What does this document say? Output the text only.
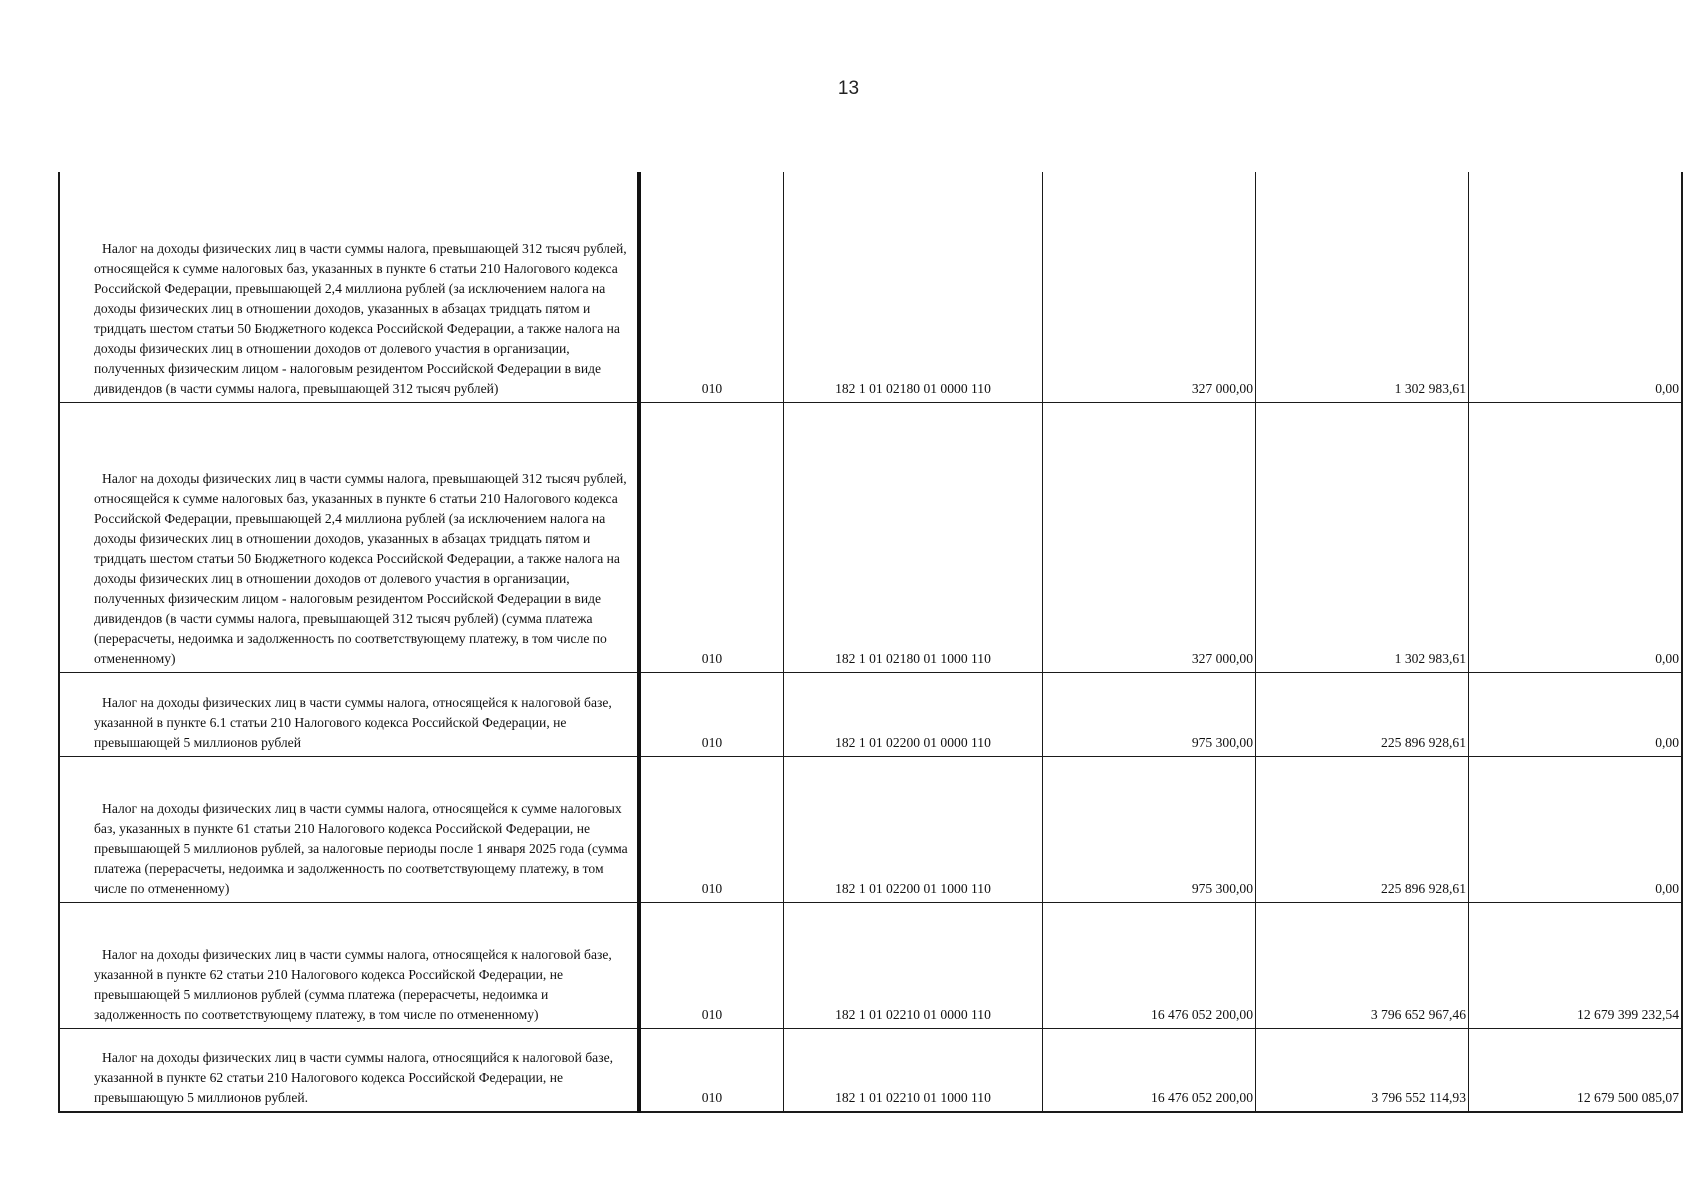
13
Налог на доходы физических лиц в части суммы налога, превышающей 312 тысяч рублей, относящейся к сумме налоговых баз, указанных в пункте 6 статьи 210 Налогового кодекса Российской Федерации, превышающей 2,4 миллиона рублей (за исключением налога на доходы физических лиц в отношении доходов, указанных в абзацах тридцать пятом и тридцать шестом статьи 50 Бюджетного кодекса Российской Федерации, а также налога на доходы физических лиц в отношении доходов от долевого участия в организации, полученных физическим лицом - налоговым резидентом Российской Федерации в виде дивидендов (в части суммы налога, превышающей 312 тысяч рублей)	010	182 1 01 02180 01 0000 110	327 000,00	1 302 983,61	0,00
Налог на доходы физических лиц в части суммы налога, превышающей 312 тысяч рублей, относящейся к сумме налоговых баз, указанных в пункте 6 статьи 210 Налогового кодекса Российской Федерации, превышающей 2,4 миллиона рублей (за исключением налога на доходы физических лиц в отношении доходов, указанных в абзацах тридцать пятом и тридцать шестом статьи 50 Бюджетного кодекса Российской Федерации, а также налога на доходы физических лиц в отношении доходов от долевого участия в организации, полученных физическим лицом - налоговым резидентом Российской Федерации в виде дивидендов (в части суммы налога, превышающей 312 тысяч рублей) (сумма платежа (перерасчеты, недоимка и задолженность по соответствующему платежу, в том числе по отмененному)	010	182 1 01 02180 01 1000 110	327 000,00	1 302 983,61	0,00
Налог на доходы физических лиц в части суммы налога, относящейся к налоговой базе, указанной в пункте 6.1 статьи 210 Налогового кодекса Российской Федерации, не превышающей 5 миллионов рублей	010	182 1 01 02200 01 0000 110	975 300,00	225 896 928,61	0,00
Налог на доходы физических лиц в части суммы налога, относящейся к сумме налоговых баз, указанных в пункте 61 статьи 210 Налогового кодекса Российской Федерации, не превышающей 5 миллионов рублей, за налоговые периоды после 1 января 2025 года (сумма платежа (перерасчеты, недоимка и задолженность по соответствующему платежу, в том числе по отмененному)	010	182 1 01 02200 01 1000 110	975 300,00	225 896 928,61	0,00
Налог на доходы физических лиц в части суммы налога, относящейся к налоговой базе, указанной в пункте 62 статьи 210 Налогового кодекса Российской Федерации, не превышающей 5 миллионов рублей (сумма платежа (перерасчеты, недоимка и задолженность по соответствующему платежу, в том числе по отмененному)	010	182 1 01 02210 01 0000 110	16 476 052 200,00	3 796 652 967,46	12 679 399 232,54
Налог на доходы физических лиц в части суммы налога, относящийся к налоговой базе, указанной в пункте 62 статьи 210 Налогового кодекса Российской Федерации, не превышающую 5 миллионов рублей.	010	182 1 01 02210 01 1000 110	16 476 052 200,00	3 796 552 114,93	12 679 500 085,07
